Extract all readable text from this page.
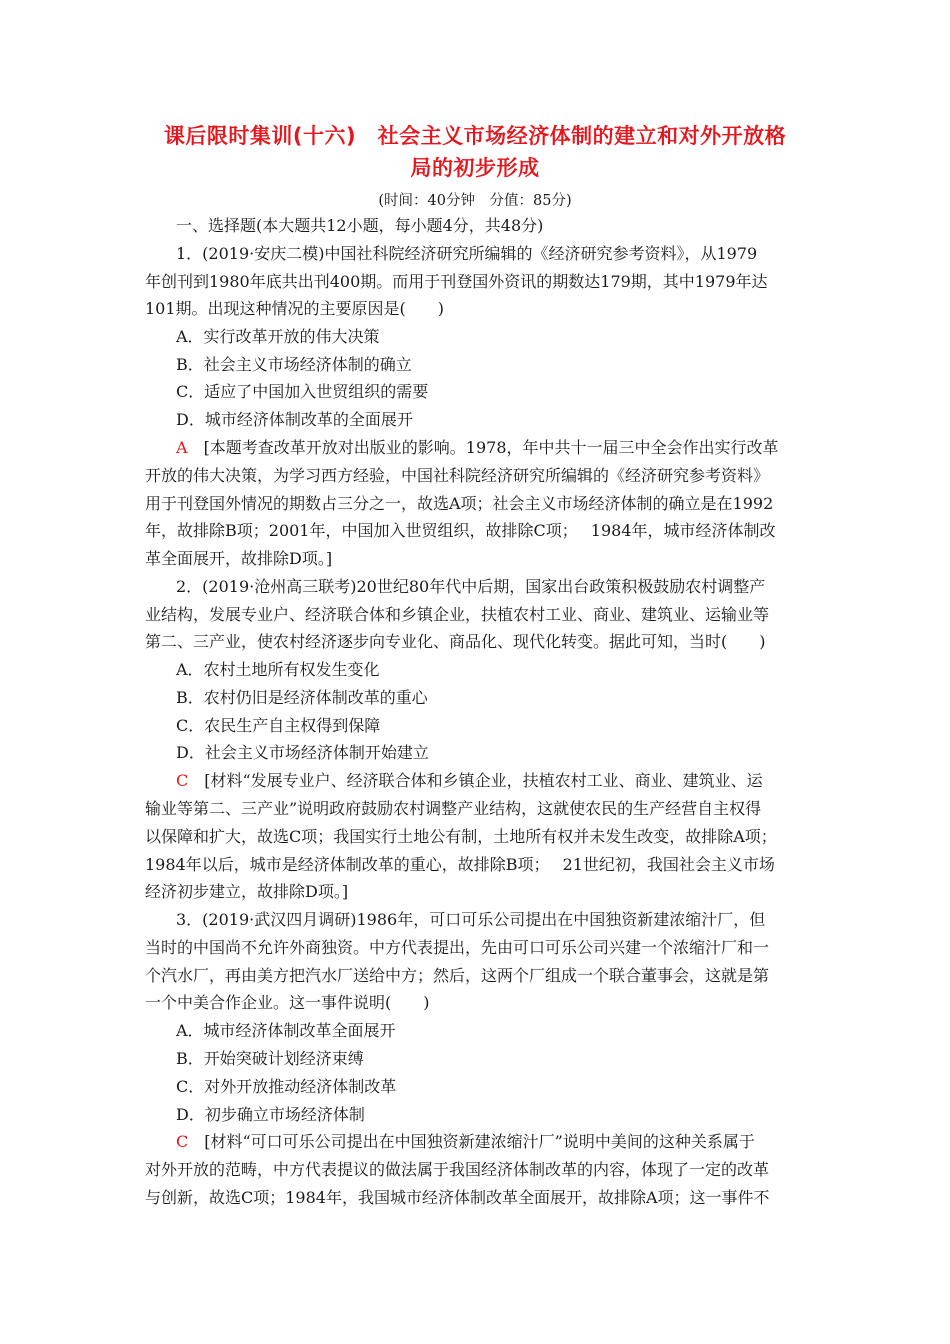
课后限时集训(十六)　社会主义市场经济体制的建立和对外开放格
局的初步形成
(时间：40分钟　分值：85分)
一、选择题(本大题共12小题，每小题4分，共48分)
1．(2019·安庆二模)中国社科院经济研究所编辑的《经济研究参考资料》，从1979
年创刊到1980年底共出刊400期。而用于刊登国外资讯的期数达179期，其中1979年达
101期。出现这种情况的主要原因是(　　)
A．实行改革开放的伟大决策
B．社会主义市场经济体制的确立
C．适应了中国加入世贸组织的需要
D．城市经济体制改革的全面展开
A　[本题考查改革开放对出版业的影响。1978，年中共十一届三中全会作出实行改革
开放的伟大决策，为学习西方经验，中国社科院经济研究所编辑的《经济研究参考资料》
用于刊登国外情况的期数占三分之一，故选A项；社会主义市场经济体制的确立是在1992
年，故排除B项；2001年，中国加入世贸组织，故排除C项；　 1984年，城市经济体制改
革全面展开，故排除D项。]
2．(2019·沧州高三联考)20世纪80年代中后期，国家出台政策积极鼓励农村调整产
业结构，发展专业户、经济联合体和乡镇企业，扶植农村工业、商业、建筑业、运输业等
第二、三产业，使农村经济逐步向专业化、商品化、现代化转变。据此可知，当时(　　)
A．农村土地所有权发生变化
B．农村仍旧是经济体制改革的重心
C．农民生产自主权得到保障
D．社会主义市场经济体制开始建立
C　[材料“发展专业户、经济联合体和乡镇企业，扶植农村工业、商业、建筑业、运
输业等第二、三产业”说明政府鼓励农村调整产业结构，这就使农民的生产经营自主权得
以保障和扩大，故选C项；我国实行土地公有制，土地所有权并未发生改变，故排除A项；
1984年以后，城市是经济体制改革的重心，故排除B项；　 21世纪初，我国社会主义市场
经济初步建立，故排除D项。]
3．(2019·武汉四月调研)1986年，可口可乐公司提出在中国独资新建浓缩汁厂，但
当时的中国尚不允许外商独资。中方代表提出，先由可口可乐公司兴建一个浓缩汁厂和一
个汽水厂，再由美方把汽水厂送给中方；然后，这两个厂组成一个联合董事会，这就是第
一个中美合作企业。这一事件说明(　　)
A．城市经济体制改革全面展开
B．开始突破计划经济束缚
C．对外开放推动经济体制改革
D．初步确立市场经济体制
C　[材料“可口可乐公司提出在中国独资新建浓缩汁厂”说明中美间的这种关系属于
对外开放的范畴，中方代表提议的做法属于我国经济体制改革的内容，体现了一定的改革
与创新，故选C项；1984年，我国城市经济体制改革全面展开，故排除A项；这一事件不
